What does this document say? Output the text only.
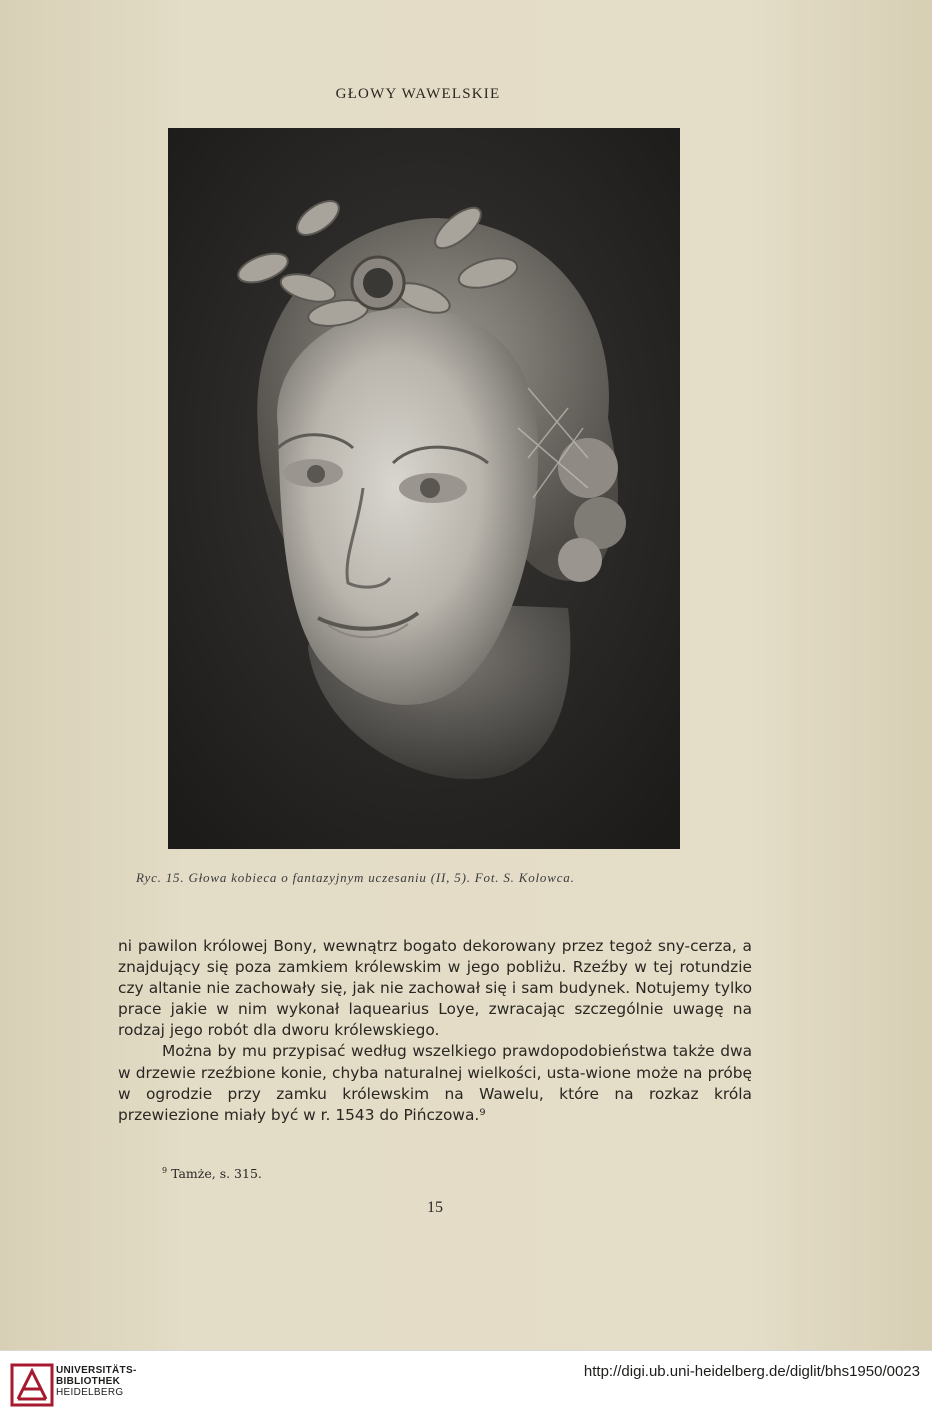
GŁOWY WAWELSKIE
Ryc. 15. Głowa kobieca o fantazyjnym uczesaniu (II, 5). Fot. S. Kolowca.

ni pawilon królowej Bony, wewnątrz bogato dekorowany przez tegoż sny-cerza, a znajdujący się poza zamkiem królewskim w jego pobliżu. Rzeźby w tej rotundzie czy altanie nie zachowały się, jak nie zachował się i sam budynek. Notujemy tylko prace jakie w nim wykonał laquearius Loye, zwracając szczególnie uwagę na rodzaj jego robót dla dworu królewskiego.

Można by mu przypisać według wszelkiego prawdopodobieństwa także dwa w drzewie rzeźbione konie, chyba naturalnej wielkości, usta-wione może na próbę w ogrodzie przy zamku królewskim na Wawelu, które na rozkaz króla przewiezione miały być w r. 1543 do Pińczowa.⁹

$^9$ Tamże, s. 315.
15
UNIVERSITÄTS-
BIBLIOTHEK
HEIDELBERG
http://digi.ub.uni-heidelberg.de/diglit/bhs1950/0023
